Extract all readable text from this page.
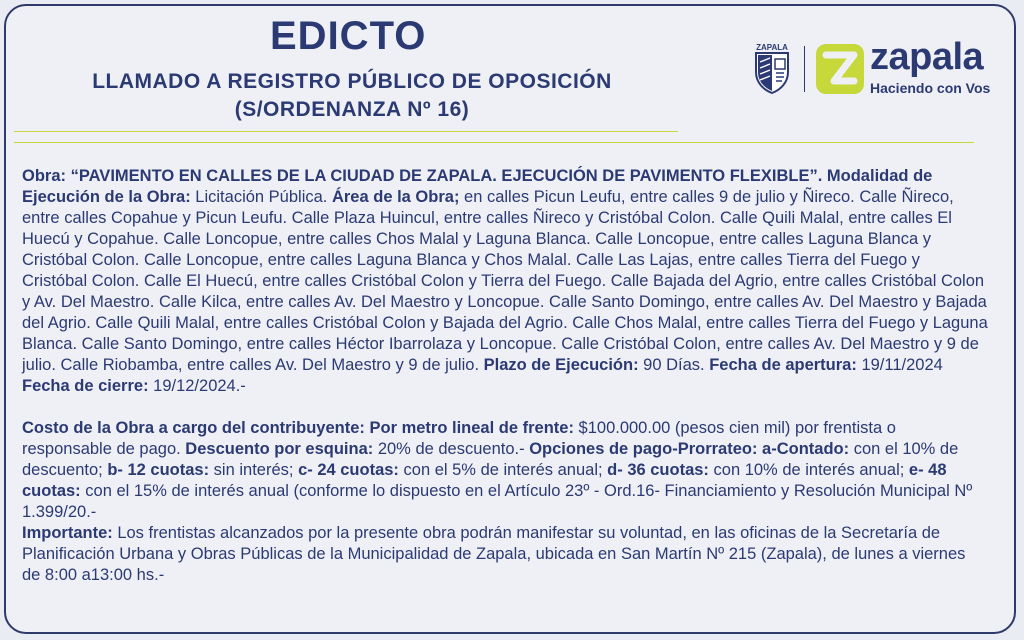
EDICTO
LLAMADO A REGISTRO PÚBLICO DE OPOSICIÓN
(S/ORDENANZA Nº 16)
ZAPALA zapala
Haciendo con Vos

Obra: “PAVIMENTO EN CALLES DE LA CIUDAD DE ZAPALA. EJECUCIÓN DE PAVIMENTO FLEXIBLE”. Modalidad de Ejecución de la Obra: Licitación Pública. Área de la Obra; en calles Picun Leufu, entre calles 9 de julio y Ñireco. Calle Ñireco, entre calles Copahue y Picun Leufu. Calle Plaza Huincul, entre calles Ñireco y Cristóbal Colon. Calle Quili Malal, entre calles El Huecú y Copahue. Calle Loncopue, entre calles Chos Malal y Laguna Blanca. Calle Loncopue, entre calles Laguna Blanca y Cristóbal Colon. Calle Loncopue, entre calles Laguna Blanca y Chos Malal. Calle Las Lajas, entre calles Tierra del Fuego y Cristóbal Colon. Calle El Huecú, entre calles Cristóbal Colon y Tierra del Fuego. Calle Bajada del Agrio, entre calles Cristóbal Colon y Av. Del Maestro. Calle Kilca, entre calles Av. Del Maestro y Loncopue. Calle Santo Domingo, entre calles Av. Del Maestro y Bajada del Agrio. Calle Quili Malal, entre calles Cristóbal Colon y Bajada del Agrio. Calle Chos Malal, entre calles Tierra del Fuego y Laguna Blanca. Calle Santo Domingo, entre calles Héctor Ibarrolaza y Loncopue. Calle Cristóbal Colon, entre calles Av. Del Maestro y 9 de julio. Calle Riobamba, entre calles Av. Del Maestro y 9 de julio. Plazo de Ejecución: 90 Días. Fecha de apertura: 19/11/2024 Fecha de cierre: 19/12/2024.-

Costo de la Obra a cargo del contribuyente: Por metro lineal de frente: $100.000.00 (pesos cien mil) por frentista o responsable de pago. Descuento por esquina: 20% de descuento.- Opciones de pago-Prorrateo: a-Contado: con el 10% de descuento; b- 12 cuotas: sin interés; c- 24 cuotas: con el 5% de interés anual; d- 36 cuotas: con 10% de interés anual; e- 48 cuotas: con el 15% de interés anual (conforme lo dispuesto en el Artículo 23º - Ord.16- Financiamiento y Resolución Municipal Nº 1.399/20.-

Importante: Los frentistas alcanzados por la presente obra podrán manifestar su voluntad, en las oficinas de la Secretaría de Planificación Urbana y Obras Públicas de la Municipalidad de Zapala, ubicada en San Martín Nº 215 (Zapala), de lunes a viernes de 8:00 a13:00 hs.-
